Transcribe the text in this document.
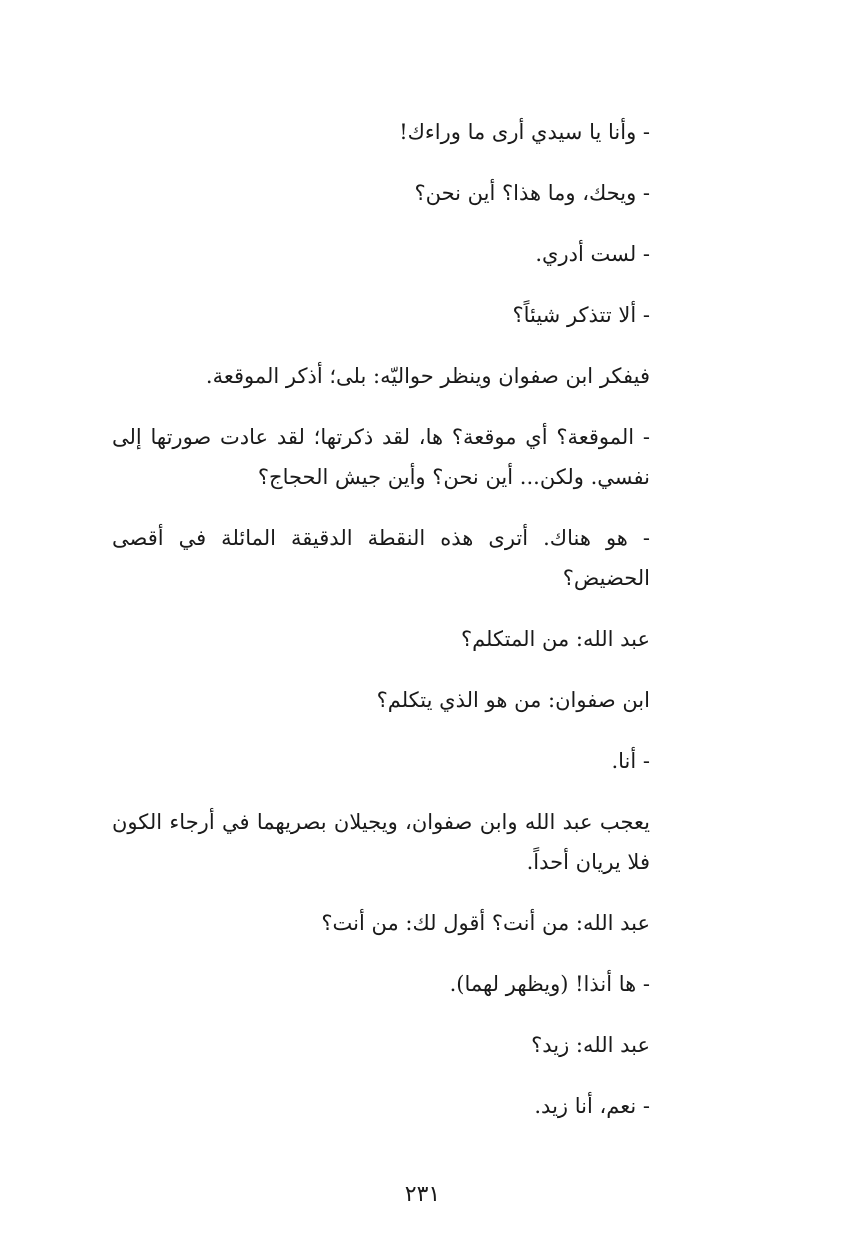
- وأنا يا سيدي أرى ما وراءك!

- ويحك، وما هذا؟ أين نحن؟

- لست أدري.

- ألا تتذكر شيئاً؟

فيفكر ابن صفوان وينظر حواليّه: بلى؛ أذكر الموقعة.

- الموقعة؟ أي موقعة؟ ها، لقد ذكرتها؛ لقد عادت صورتها إلى نفسي. ولكن... أين نحن؟ وأين جيش الحجاج؟

- هو هناك. أترى هذه النقطة الدقيقة المائلة في أقصى الحضيض؟

عبد الله: من المتكلم؟

ابن صفوان: من هو الذي يتكلم؟

- أنا.

يعجب عبد الله وابن صفوان، ويجيلان بصريهما في أرجاء الكون فلا يريان أحداً.

عبد الله: من أنت؟ أقول لك: من أنت؟

- ها أنذا! (ويظهر لهما).

عبد الله: زيد؟

- نعم، أنا زيد.

٢٣١
